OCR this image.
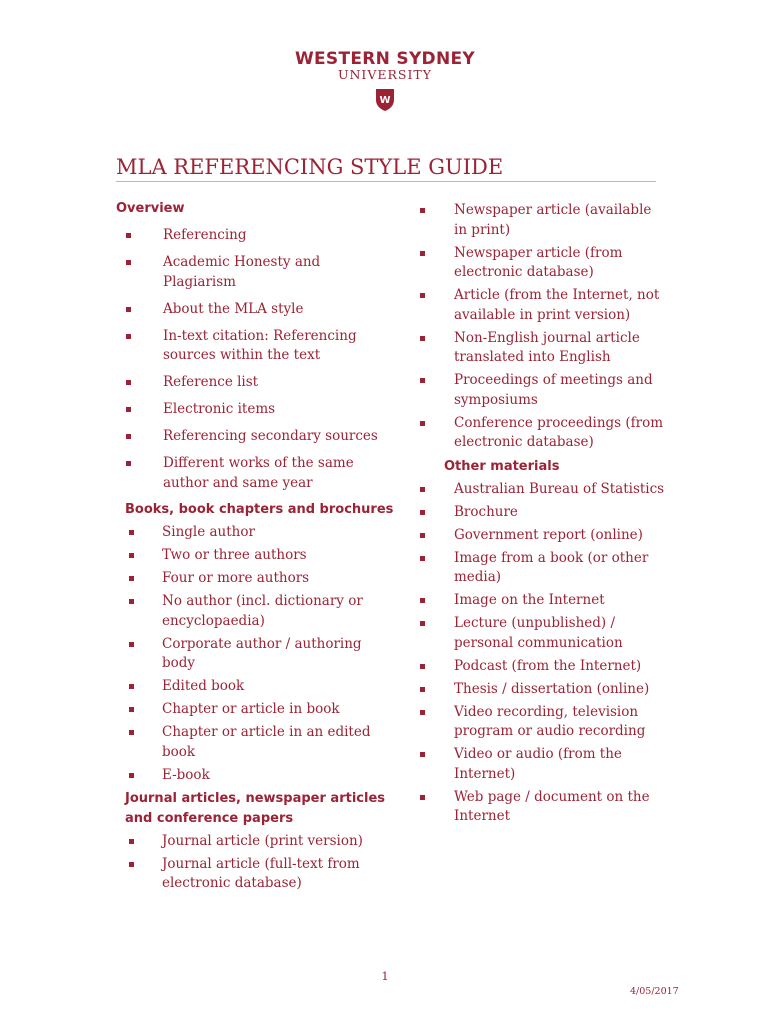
WESTERN SYDNEY
UNIVERSITY
W
MLA REFERENCING STYLE GUIDE
Overview
Referencing
Academic Honesty and Plagiarism
About the MLA style
In-text citation: Referencing sources within the text
Reference list
Electronic items
Referencing secondary sources
Different works of the same author and same year
Books, book chapters and brochures
Single author
Two or three authors
Four or more authors
No author (incl. dictionary or encyclopaedia)
Corporate author / authoring body
Edited book
Chapter or article in book
Chapter or article in an edited book
E-book
Journal articles, newspaper articles and conference papers
Journal article (print version)
Journal article (full-text from electronic database)
Newspaper article (available in print)
Newspaper article (from electronic database)
Article (from the Internet, not available in print version)
Non-English journal article translated into English
Proceedings of meetings and symposiums
Conference proceedings (from electronic database)
Other materials
Australian Bureau of Statistics
Brochure
Government report (online)
Image from a book (or other media)
Image on the Internet
Lecture (unpublished) / personal communication
Podcast (from the Internet)
Thesis / dissertation (online)
Video recording, television program or audio recording
Video or audio (from the Internet)
Web page / document on the Internet
1
4/05/2017
